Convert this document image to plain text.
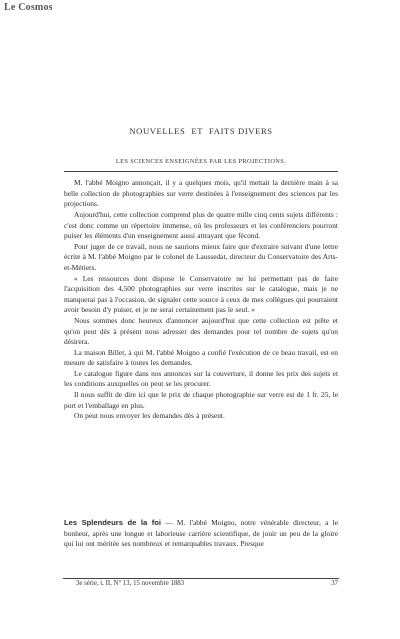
Le Cosmos
NOUVELLES ET FAITS DIVERS
LES SCIENCES ENSEIGNÉES PAR LES PROJECTIONS.

M. l'abbé Moigno annonçait, il y a quelques mois, qu'il mettait la dernière main à sa belle collection de photographies sur verre destinées à l'enseignement des sciences par les projections.

Aujourd'hui, cette collection comprend plus de quatre mille cinq cents sujets différents : c'est donc comme un répertoire immense, où les professeurs et les conférenciers pourront puiser les éléments d'un enseignement aussi attrayant que fécond.

Pour juger de ce travail, nous ne saurions mieux faire que d'extraire suivant d'une lettre écrite à M. l'abbé Moigno par le colonel de Laussedat, directeur du Conservatoire des Arts-et-Métiers.

« Les ressources dont dispose le Conservatoire ne lui permettant pas de faire l'acquisition des 4,500 photographies sur verre inscrites sur le catalogue, mais je ne manquerai pas à l'occasion, de signaler cette source à ceux de mes collègues qui pourraient avoir besoin d'y puiser, et je ne serai certainement pas le seul. »

Nous sommes donc heureux d'annoncer aujourd'hui que cette collection est prête et qu'on peut dès à présent nous adresser des demandes pour tel nombre de sujets qu'on désirera.

La maison Billet, à qui M. l'abbé Moigno a confié l'exécution de ce beau travail, est en mesure de satisfaire à toutes les demandes.

Le catalogue figure dans nos annonces sur la couverture, il donne les prix des sujets et les conditions auxquelles on peut se les procurer.

Il nous suffit de dire ici que le prix de chaque photographie sur verre est de 1 fr. 25, le port et l'emballage en plus.

On peut nous envoyer les demandes dès à présent.

Les Splendeurs de la foi — M. l'abbé Moigno, notre vénérable directeur, a le bonheur, après une longue et laborieuse carrière scientifique, de jouir un peu de la gloire qui lui ont méritée ses nombreux et remarquables travaux. Presque

3e série, t. II, N° 13, 15 novembre 1883	37
